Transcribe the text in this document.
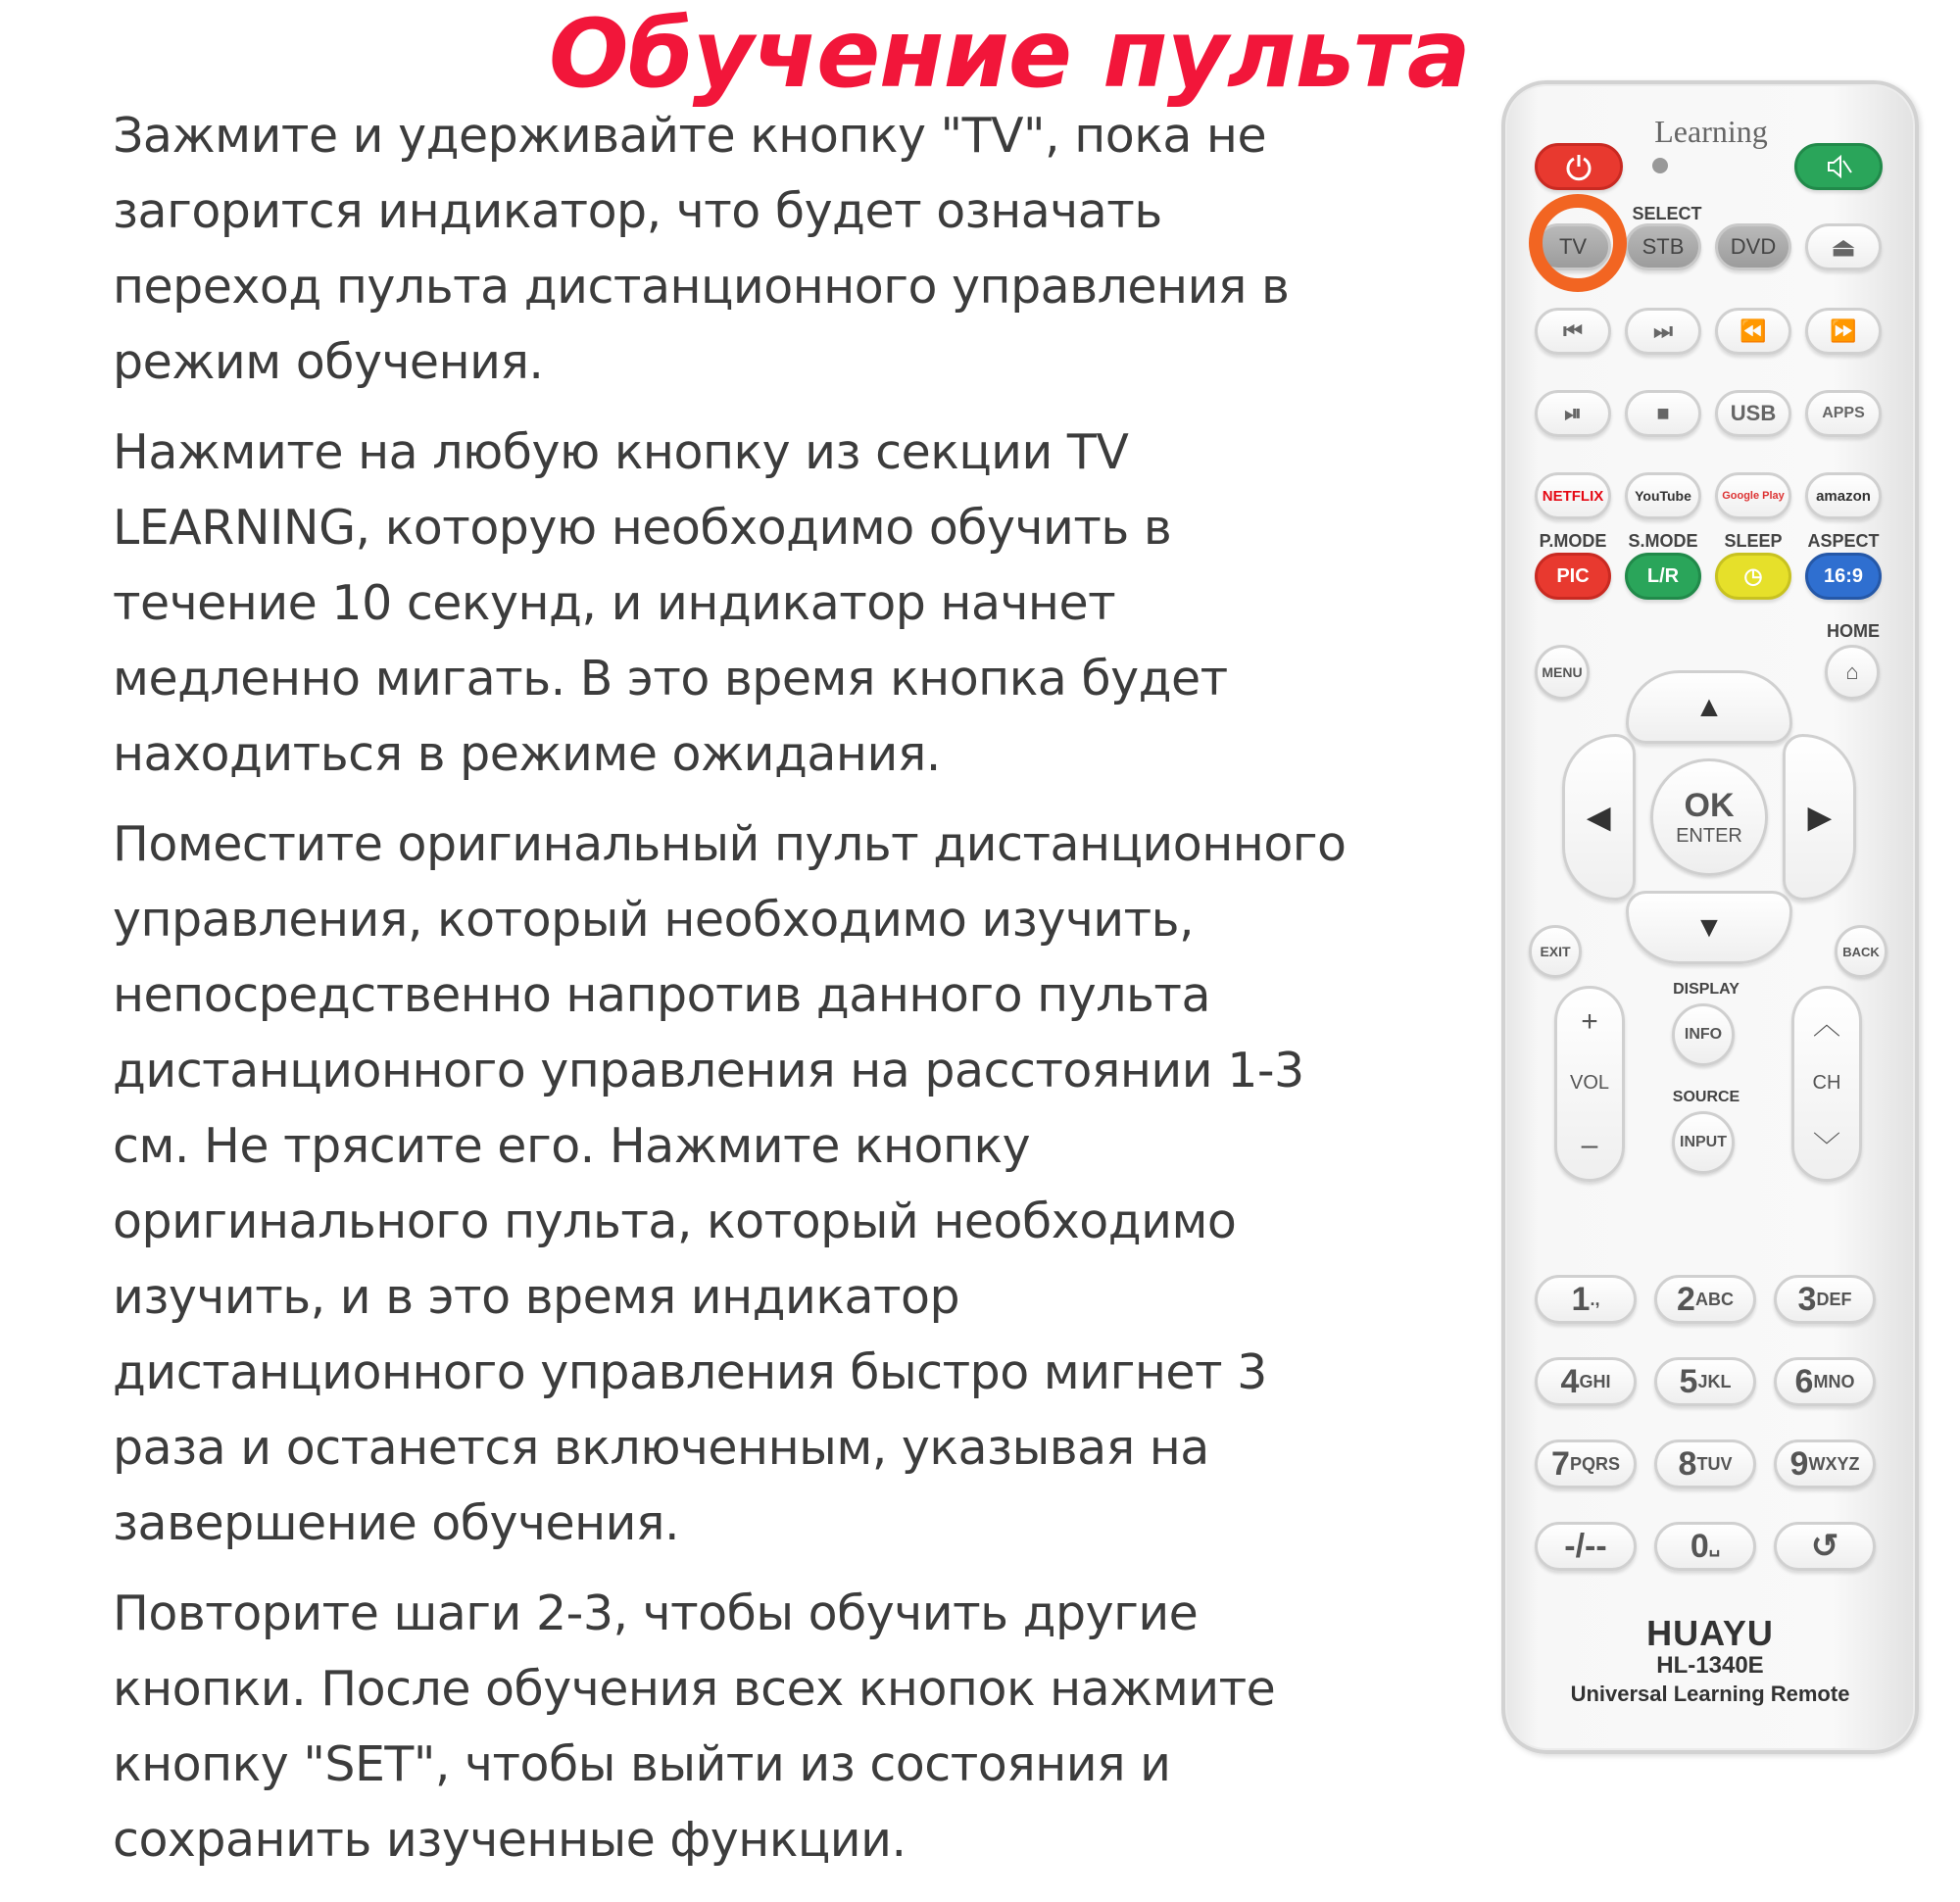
Обучение пульта

Зажмите и удерживайте кнопку "TV", пока не загорится индикатор, что будет означать переход пульта дистанционного управления в режим обучения.

Нажмите на любую кнопку из секции TV LEARNING, которую необходимо обучить в течение 10 секунд, и индикатор начнет медленно мигать. В это время кнопка будет находиться в режиме ожидания.

Поместите оригинальный пульт дистанционного управления, который необходимо изучить, непосредственно напротив данного пульта дистанционного управления на расстоянии 1-3 см. Не трясите его. Нажмите кнопку оригинального пульта, который необходимо изучить, и в это время индикатор дистанционного управления быстро мигнет 3 раза и останется включенным, указывая на завершение обучения.

Повторите шаги 2-3, чтобы обучить другие кнопки. После обучения всех кнопок нажмите кнопку "SET", чтобы выйти из состояния и сохранить изученные функции.

Learning
SELECT
TV	STB	DVD	⏏
⏮	⏭	⏪	⏩
⏯	■	USB	APPS
NETFLIX	YouTube	Google Play	amazon
P.MODE	S.MODE	SLEEP	ASPECT
PIC	L/R	◷	16:9
HOME
MENU	⌂
▲
▼
◀	▶
OK
ENTER
EXIT	BACK
+
VOL
–
DISPLAY
INFO
SOURCE
INPUT
︿
CH
﹀
HUAYU
HL-1340E
Universal Learning Remote
1 ., 2 ABC 3 DEF
4 GHI 5 JKL 6 MNO
7 PQRS 8 TUV 9 WXYZ
-/--	0 ␣	↺
